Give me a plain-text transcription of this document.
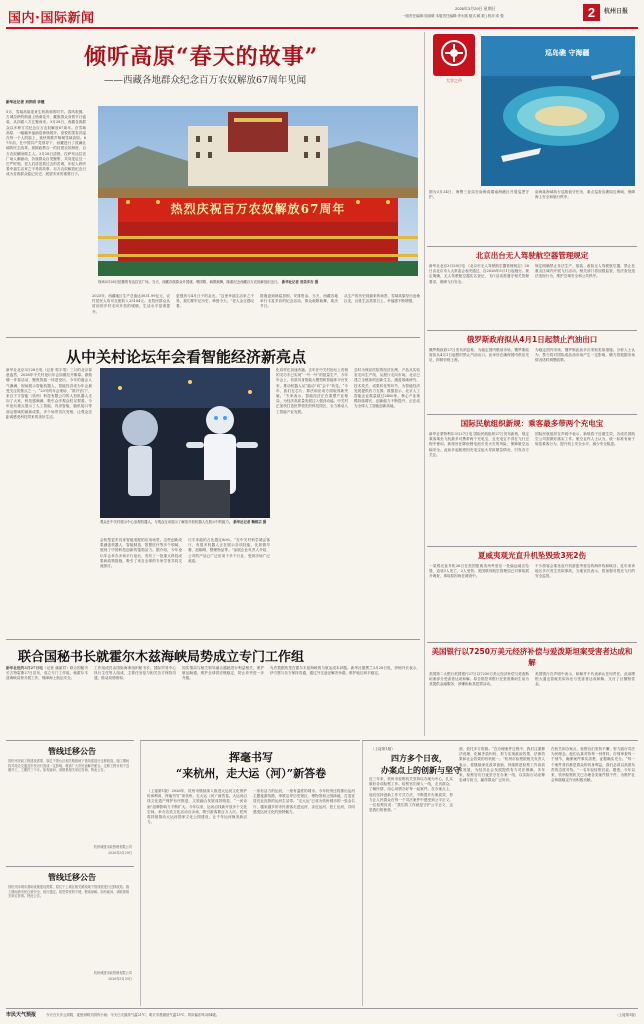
国内·国际新闻
2026年3月29日 星期日
一版责任编辑:吴晓晴 本版责任编辑:李永刚 版式:顾 数 | 校对:邓 强	2	杭州日报
倾听高原“春天的故事”
——西藏各地群众纪念百万农奴解放67周年见闻
新华社记者 刘洪明 李键
5月，雪域高原迎来生机勃勃的时节。春风吹拂，古城拉萨的街道上格桑花开，藏族群众身着节日盛装，从四面八方汇聚而来。3月28日，西藏各族群众以多种方式纪念百万农奴解放67周年。在雪域高原，一幅幅幸福画卷徐徐展开。喜悦的笑容洋溢在每一个人的脸上，欢快的歌声响彻雪域高原。67年前，在中国共产党领导下，西藏进行了波澜壮阔的民主改革，废除政教合一的封建农奴制度，百万农奴翻身做主人。3月28日清晨，拉萨布达拉宫广场人潮涌动，各族群众自发聚集，共同见证这一庄严时刻。老人们讲述着过去的苦难，年轻人聆听着幸福生活来之不易的故事，百万农奴解放纪念日成为各族群众铭记历史、展望未来的重要日子。
热烈庆祝百万农奴解放67周年
现场3月28日拍摄的布达拉宫广场。当天，西藏各族群众升国旗、唱国歌、载歌载舞，隆重纪念西藏百万农奴解放纪念日。 新华社记者 晋美多吉 摄
2025年，西藏地区生产总值达3031.99亿元，农村居民人均可支配收入25184元。农牧民群众从封闭的乡村走向开放的城镇，生活水平显著提升。
更强劲与4月日子的金光。“这里幸福生活来之不易，我们要牢记历史，珍惜今天。”老人金言感叹着。
措施盘到就寝加固，安排资金。当天，西藏各地举行丰富多彩的纪念活动，群众载歌载舞，欢庆节日。
从生产的历史视频来的场景，雪域高原经历沧桑巨变，百姓生活蒸蒸日上，幸福感不断增强。
从中关村论坛年会看智能经济新亮点
新华社北京3月28日电（记者 郭宇靖）三月的北京春意盎然，2026年中关村论坛年会如期拉开帷幕。做做哪一伴春活动，聚焦智能一体进论坛，今年的盛会人气满满，现场展示智能机器人，智能经济成为年会最受关注的焦点之一。“23号的年会现场，“推开宫门”，来自于宇智能（杭州）科技有限公司的人形机器人走向了大家，科技感满满，吸引众多观众驻足观看。今年论坛重点展示了人工智能、具身智能、脑机接口等前沿领域的最新成果，多个场景首次亮相，让观众近距离感受科技带来的美好生活。
观众在中关村展示中心参观机器人，与观众互动展示了解放开放机器人在展示中的能力。 新华社记者 鞠焕宗 摄
会机型更多具身智能适配的应用场景。这些创新成果涵盖机器人、智能制造、智慧医疗等多个领域，展现了中国科技创新的蓬勃活力。据介绍，今年论坛年会举办多场平行论坛，发布了一批重大科技成果和政策措施，吸引了来自全球的专家学者共同交流探讨。
巧手非能的占比超过80%。“在中关村科学城会客厅，有很多机器人正在展示各项技能，比如做早餐、泡咖啡、整理物品等。”参展企业负责人介绍，公司的产品已广泛应用于多个行业，受到市场广泛欢迎。
化同样在加速奔跑。去年在中关村论坛上亮相的灵巧手已实现“一号一号”的批量生产，今年年会上，首款具身智能大模型和智能体平台发布，推动机器人从“能动”向“会干”转变。“今年，我们在芯片、算法和应用方面取得新突破。”专家表示，智能经济正在重塑产业格局，为经济高质量发展注入强劲动能。中关村正加快打造世界领先的科技园区，全力推动人工智能产业发展。
总时为保存医院的经济比例，产品从实验室走向生产线，从展厅走向市场。北京已建立全链条的创新生态，涵盖基础研究、技术攻关、成果转化等环节，为智能经济发展提供有力支撑。数据显示，北京人工智能企业数量超过2400家，核心产业规模持续增长，创新能力不断提升，正在成为全球人工智能创新高地。
联合国秘书长就霍尔木兹海峡局势成立专门工作组
新华社纽约3月27日电（记者 潘丽君）联合国秘书长古特雷斯27日宣布，成立专门工作组，就霍尔木兹海峡局势开展工作，保障海上航运安全。
工作组成员由国际海事组织秘书长，国际贸易中心执行主任等人组成，主要任务是与相关各方保持沟通，推动局势缓和。
知实情局与相关领导融合器就进行利益相关，保护航运畅通，维护全球供应链稳定，防止冲突进一步升级。
允许数据传签在霍尔木兹海峡的与航运成本问题。新华社德黑兰3月28日电，伊朗外长表示，伊方愿与各方保持沟通，通过外交途径解决争端，维护地区和平稳定。
管线迁移公告
因杭州市政工程建设需要，原位于萧山区相关路段地下管线需进行迁移改造。施工期间将对周边交通及市民出行造成一定影响，敬请广大市民谅解并配合。迁移工程计划于近期开工，工期约三个月。如有疑问，请联系相关单位咨询。特此公告。
杭州城建市政管理有限公司
2026年3月29日
管线迁移公告
因杭州市城市基础设施建设需要，原位于上城区相关路段地下管线需进行迁移改造。施工期间请市民注意安全，绕行通过。给您带来的不便，敬请谅解。如有疑问，请联系相关单位咨询。特此公告。
杭州城建市政管理有限公司
2026年3月29日
挥毫书写
“来杭州，走大运（河）”新答卷
（上接第1版）2026年，杭州市继续深入推进大运河文化保护传承利用，挥毫书写“来杭州，走大运（河）”新答卷。大运河沿线文化遗产保护有序推进，文旅融合发展成效明显，“一河诗画”品牌影响力不断扩大。今年以来，运河沿线新开放多个文化空间，举办各类文化活动百余场，吸引游客数百万人次。杭州将持续推动大运河国家文化公园建设，让千年运河焕发新活力。
一条有活力的运河，一座有温度的城市。今年杭州还将推出运河主题夜游线路，串联沿岸历史街区、博物馆和公园绿地，打造宜居宜业宜游的运河生活带。“走大运”已成为杭州城市的一张金名片，越来越多的市民游客走进运河、亲近运河、爱上运河，共同感受运河文化的独特魅力。
（上接第1版）
四方多个日夜，
办案点上的创新与坚守
近三年来，杭州市检察机关坚持以办案为中心，扎实做好各项检察工作。检察官们深入一线，走访群众，了解民情，用心用情办好每一起案件。在办案点上，他们坚持创新工作方式方法，不断提升办案质效，努力让人民群众在每一个司法案件中感受到公平正义。一位检察官说：“我们的工作就是守护公平正义，这是我们的使命。”
面、依托多方资源。“在办理案件过程中，我们注重释法说理，化解矛盾纠纷，努力实现政治效果、法律效果和社会效果的有机统一。”杭州市检察院相关负责人表示，将继续深化改革创新，持续推进检察工作高质量发展，为经济社会发展提供有力司法保障。多年来，检察官们日夜坚守在办案一线，以实际行动诠释忠诚与担当，赢得群众广泛好评。
在机关和办案点，检察官们坚持不懈，努力践行司法为民理念。他们认真对待每一份材料，仔细审查每一个细节，确保案件事实清楚、证据确实充分。“每一个案件背后都是群众的切身利益，我们必须以高度负责的态度对待。”一名年轻检察官说。据悉，今年以来，杭州检察机关已办理各类案件数千件，为维护社会和谐稳定作出积极贡献。
大学之声
巡岛礁 守海疆
图为3月24日，海警三亚局在南海高端南海礁区开展巡逻守护。
南海某海域执行巡航值守任务，重点巡查岛礁周边海域，保障海上安全和航行秩序。
北京出台无人驾驶航空器管理规定
新华社北京3月28日电 《北京市无人驾驶航空器管理规定》28日由北京市人大常委会表决通过，自2026年5月1日起施行。规定明确，无人驾驶航空器实名登记，飞行活动需遵守相关管理要求，保障飞行安全。
规定明确禁止非法生产、组装、改装无人驾驶航空器，禁止在重点区域内开展飞行活动。相关部门将加强监管，依法查处违法违规行为，维护空域安全和公共秩序。
俄罗斯政府拟从4月1日起禁止汽油出口
俄罗斯政府27日发布消息称，为稳定国内燃油市场，俄罗斯政府拟从4月1日起暂时禁止汽油出口。此举旨在确保国内供应充足，抑制价格上涨。
为稳定国内市场，俄罗斯此前多次采取类似措施。分析人士认为，禁令将对国际成品油市场产生一定影响，俄方将根据市场情况适时调整政策。
国际民航组织新规：乘客最多带两个充电宝
新华社蒙特利尔3月27日电 国际民航组织27日发布新规，规定乘客乘坐飞机最多可携带两个充电宝，且充电宝不得在飞行过程中使用。新规旨在降低锂电池引发火灾的风险，保障航空运输安全。此前多起航班因充电宝起火导致紧急情况，引发各方关注。
国际民航组织在声明中表示，新规将于近期生效，各成员国航空公司需做好落实工作。航空业内人士认为，统一标准有助于规范乘客行为，提升机上安全水平，减少安全隐患。
夏威夷观光直升机坠毁致3死2伤
一架观光直升机26日在美国夏威夷州考爱岛一处偏远地区坠毁，造成3人死亡、2人受伤。美国联邦航空管理局已对事故展开调查，事故原因尚在调查中。
不少游客会乘坐直升机游览考爱岛的海岸线和峡谷，近年来该地区多次发生类似事故。当地官员表示，将加强对观光飞行的安全监管。
美国银行以7250万美元经济补偿与爱泼斯坦案受害者达成和解
美国第二大银行美国银行27日以7250万美元经济补偿与爱泼斯坦案部分受害者达成和解。原告指控该银行在爱泼斯坦生前为其提供金融服务，涉嫌协助其犯罪活动。
美国银行在声明中表示，和解并不代表承认任何责任。此前摩根大通也曾就类似诉讼与受害者达成和解，支付了巨额赔偿金。
市民天气预报	今天白天多云到阴，夜里到明天阴有小雨；今天白天最高气温21℃，明天早晨最低气温13℃；风向偏东风3到4级。	（上接第1版）
